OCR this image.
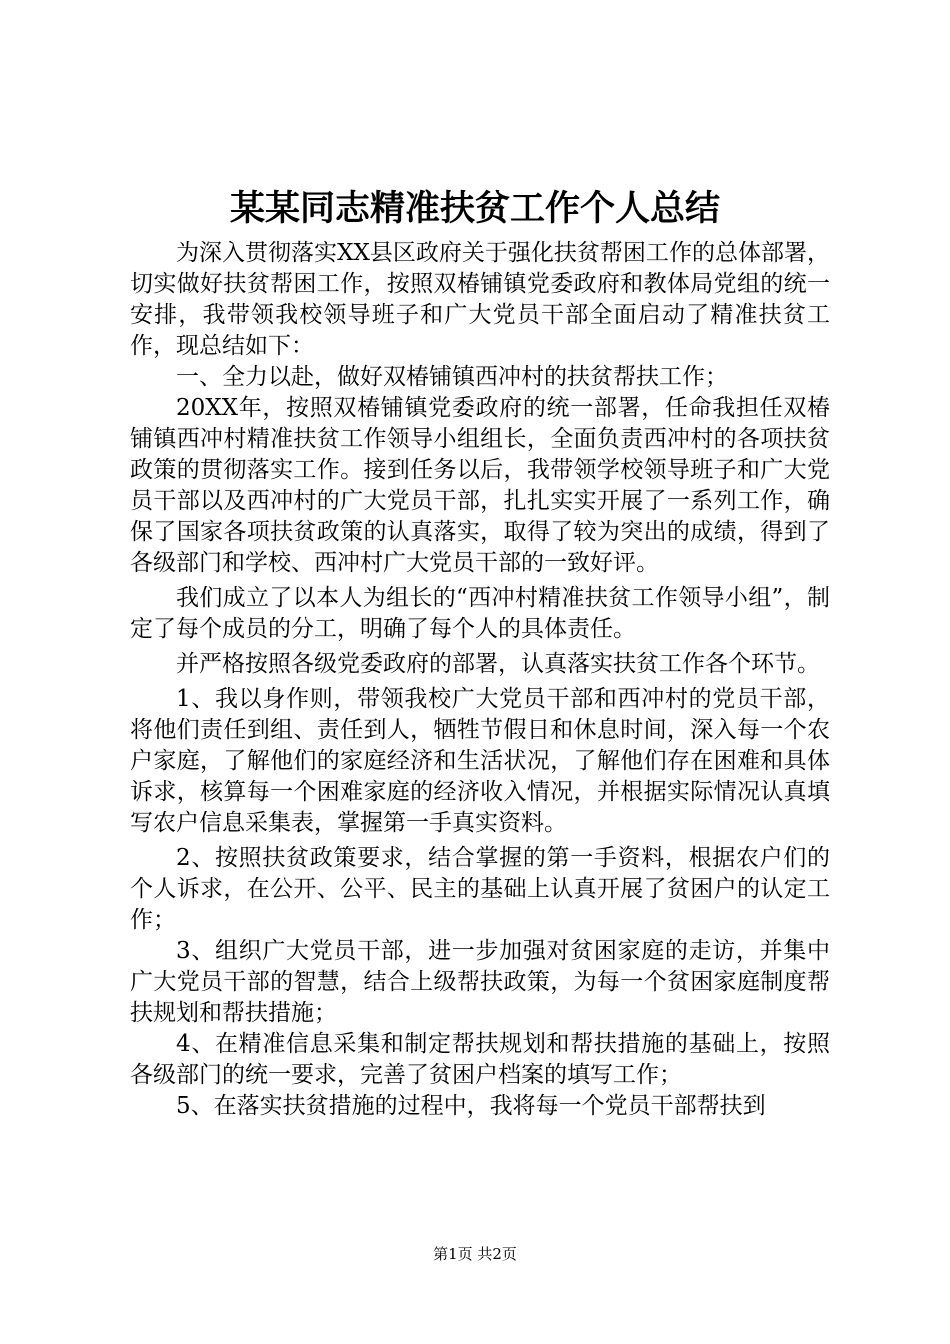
某某同志精准扶贫工作个人总结

为深入贯彻落实XX县区政府关于强化扶贫帮困工作的总体部署，切实做好扶贫帮困工作，按照双椿铺镇党委政府和教体局党组的统一安排，我带领我校领导班子和广大党员干部全面启动了精准扶贫工作，现总结如下：

一、全力以赴，做好双椿铺镇西冲村的扶贫帮扶工作；

20XX年，按照双椿铺镇党委政府的统一部署，任命我担任双椿铺镇西冲村精准扶贫工作领导小组组长，全面负责西冲村的各项扶贫政策的贯彻落实工作。接到任务以后，我带领学校领导班子和广大党员干部以及西冲村的广大党员干部，扎扎实实开展了一系列工作，确保了国家各项扶贫政策的认真落实，取得了较为突出的成绩，得到了各级部门和学校、西冲村广大党员干部的一致好评。

我们成立了以本人为组长的“西冲村精准扶贫工作领导小组”，制定了每个成员的分工，明确了每个人的具体责任。

并严格按照各级党委政府的部署，认真落实扶贫工作各个环节。

1、我以身作则，带领我校广大党员干部和西冲村的党员干部，将他们责任到组、责任到人，牺牲节假日和休息时间，深入每一个农户家庭，了解他们的家庭经济和生活状况，了解他们存在困难和具体诉求，核算每一个困难家庭的经济收入情况，并根据实际情况认真填写农户信息采集表，掌握第一手真实资料。

2、按照扶贫政策要求，结合掌握的第一手资料，根据农户们的个人诉求，在公开、公平、民主的基础上认真开展了贫困户的认定工作；

3、组织广大党员干部，进一步加强对贫困家庭的走访，并集中广大党员干部的智慧，结合上级帮扶政策，为每一个贫困家庭制度帮扶规划和帮扶措施；

4、在精准信息采集和制定帮扶规划和帮扶措施的基础上，按照各级部门的统一要求，完善了贫困户档案的填写工作；

5、在落实扶贫措施的过程中，我将每一个党员干部帮扶到

第1页 共2页
